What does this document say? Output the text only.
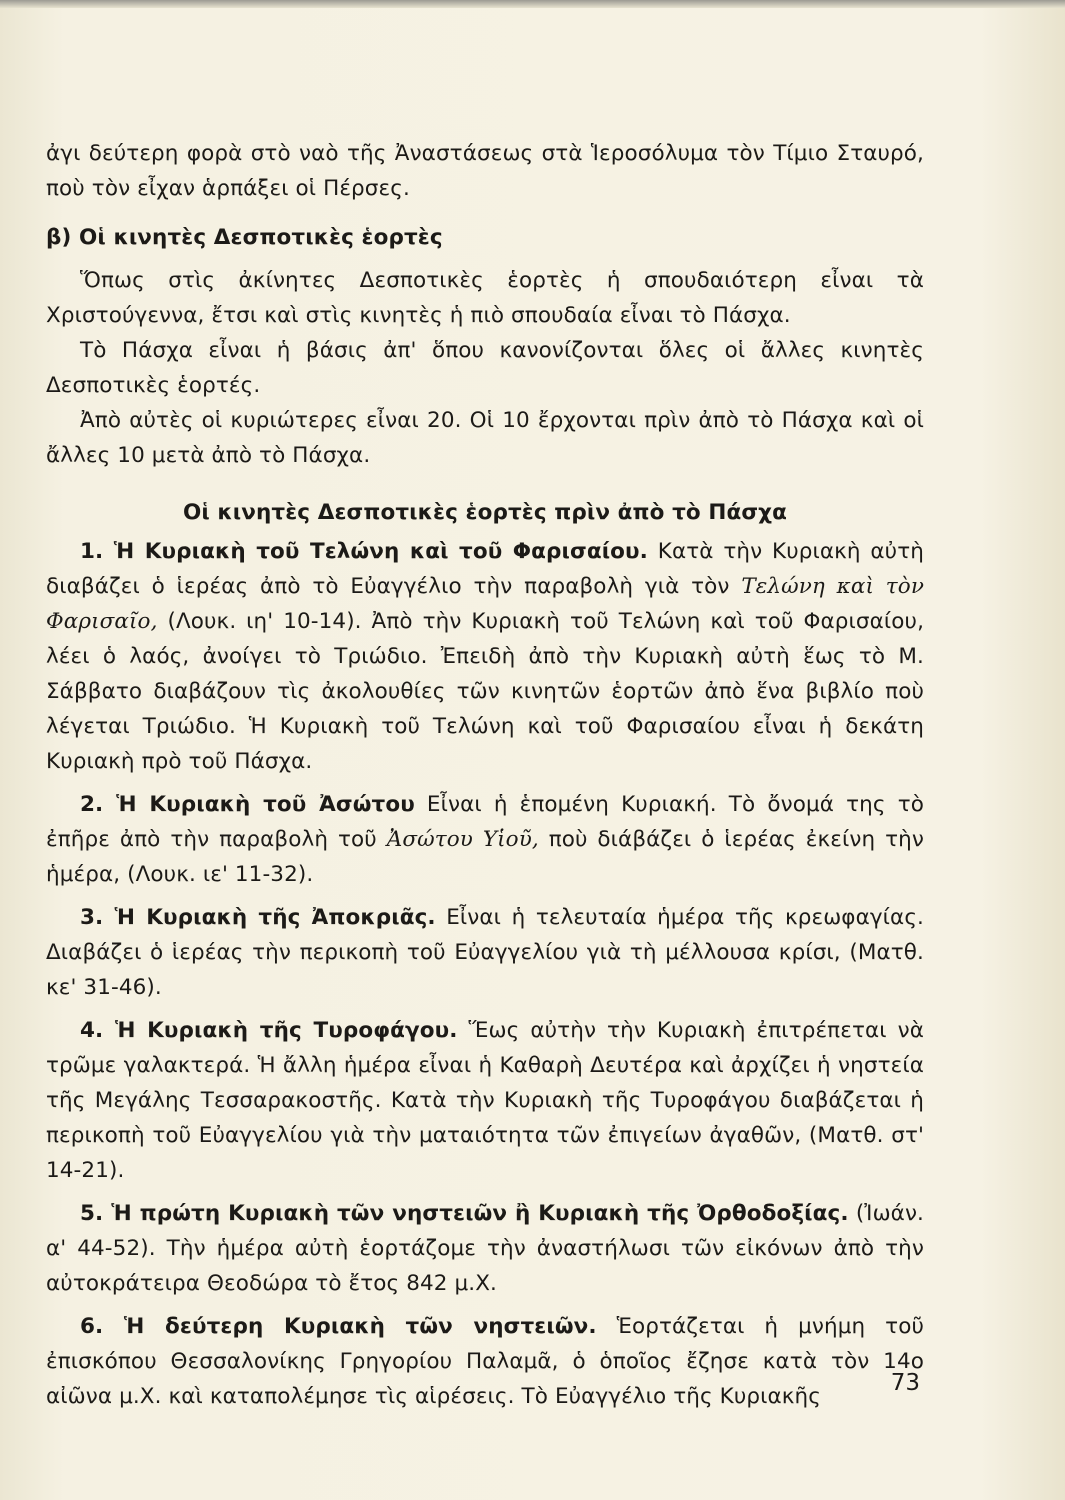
ἀγι δεύτερη φορὰ στὸ ναὸ τῆς Ἀναστάσεως στὰ Ἱεροσόλυμα τὸν Τίμιο Σταυρό, ποὺ τὸν εἶχαν ἁρπάξει οἱ Πέρσες.

β) Οἱ κινητὲς Δεσποτικὲς ἑορτὲς

Ὅπως στὶς ἀκίνητες Δεσποτικὲς ἑορτὲς ἡ σπουδαιότερη εἶναι τὰ Χριστούγεννα, ἔτσι καὶ στὶς κινητὲς ἡ πιὸ σπουδαία εἶναι τὸ Πάσχα.

Τὸ Πάσχα εἶναι ἡ βάσις ἀπ' ὅπου κανονίζονται ὅλες οἱ ἄλλες κινητὲς Δεσποτικὲς ἑορτές.

Ἀπὸ αὐτὲς οἱ κυριώτερες εἶναι 20. Οἱ 10 ἔρχονται πρὶν ἀπὸ τὸ Πάσχα καὶ οἱ ἄλλες 10 μετὰ ἀπὸ τὸ Πάσχα.

Οἱ κινητὲς Δεσποτικὲς ἑορτὲς πρὶν ἀπὸ τὸ Πάσχα

1. Ἡ Κυριακὴ τοῦ Τελώνη καὶ τοῦ Φαρισαίου. Κατὰ τὴν Κυριακὴ αὐτὴ διαβάζει ὁ ἱερέας ἀπὸ τὸ Εὐαγγέλιο τὴν παραβολὴ γιὰ τὸν Τελώνη καὶ τὸν Φαρισαῖο, (Λουκ. ιη' 10-14). Ἀπὸ τὴν Κυριακὴ τοῦ Τελώνη καὶ τοῦ Φαρισαίου, λέει ὁ λαός, ἀνοίγει τὸ Τριώδιο. Ἐπειδὴ ἀπὸ τὴν Κυριακὴ αὐτὴ ἕως τὸ Μ. Σάββατο διαβάζουν τὶς ἀκολουθίες τῶν κινητῶν ἑορτῶν ἀπὸ ἕνα βιβλίο ποὺ λέγεται Τριώδιο. Ἡ Κυριακὴ τοῦ Τελώνη καὶ τοῦ Φαρισαίου εἶναι ἡ δεκάτη Κυριακὴ πρὸ τοῦ Πάσχα.

2. Ἡ Κυριακὴ τοῦ Ἀσώτου Εἶναι ἡ ἑπομένη Κυριακή. Τὸ ὄνομά της τὸ ἐπῆρε ἀπὸ τὴν παραβολὴ τοῦ Ἀσώτου Υἱοῦ, ποὺ διάβάζει ὁ ἱερέας ἐκείνη τὴν ἡμέρα, (Λουκ. ιε' 11-32).

3. Ἡ Κυριακὴ τῆς Ἀποκριᾶς. Εἶναι ἡ τελευταία ἡμέρα τῆς κρεωφαγίας. Διαβάζει ὁ ἱερέας τὴν περικοπὴ τοῦ Εὐαγγελίου γιὰ τὴ μέλλουσα κρίσι, (Ματθ. κε' 31-46).

4. Ἡ Κυριακὴ τῆς Τυροφάγου. Ἕως αὐτὴν τὴν Κυριακὴ ἐπιτρέπεται νὰ τρῶμε γαλακτερά. Ἡ ἄλλη ἡμέρα εἶναι ἡ Καθαρὴ Δευτέρα καὶ ἀρχίζει ἡ νηστεία τῆς Μεγάλης Τεσσαρακοστῆς. Κατὰ τὴν Κυριακὴ τῆς Τυροφάγου διαβάζεται ἡ περικοπὴ τοῦ Εὐαγγελίου γιὰ τὴν ματαιότητα τῶν ἐπιγείων ἀγαθῶν, (Ματθ. στ' 14-21).

5. Ἡ πρώτη Κυριακὴ τῶν νηστειῶν ἢ Κυριακὴ τῆς Ὀρθοδοξίας. (Ἰωάν. α' 44-52). Τὴν ἡμέρα αὐτὴ ἑορτάζομε τὴν ἀναστήλωσι τῶν εἰκόνων ἀπὸ τὴν αὐτοκράτειρα Θεοδώρα τὸ ἔτος 842 μ.Χ.

6. Ἡ δεύτερη Κυριακὴ τῶν νηστειῶν. Ἑορτάζεται ἡ μνήμη τοῦ ἐπισκόπου Θεσσαλονίκης Γρηγορίου Παλαμᾶ, ὁ ὁποῖος ἔζησε κατὰ τὸν 14ο αἰῶνα μ.Χ. καὶ καταπολέμησε τὶς αἱρέσεις. Τὸ Εὐαγγέλιο τῆς Κυριακῆς

73
